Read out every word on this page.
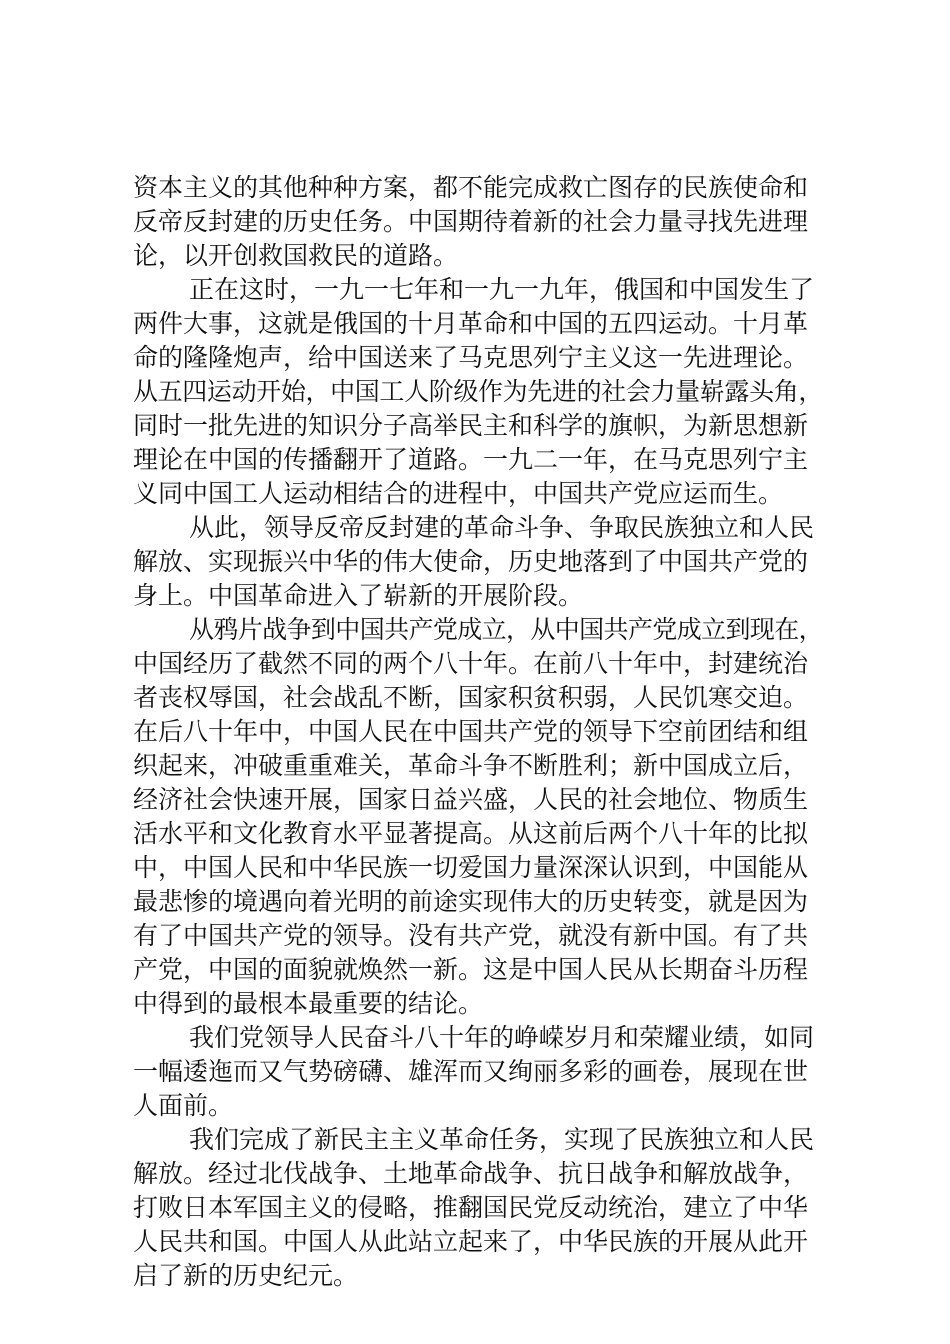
资本主义的其他种种方案，都不能完成救亡图存的民族使命和
反帝反封建的历史任务。中国期待着新的社会力量寻找先进理
论，以开创救国救民的道路。
正在这时，一九一七年和一九一九年，俄国和中国发生了
两件大事，这就是俄国的十月革命和中国的五四运动。十月革
命的隆隆炮声，给中国送来了马克思列宁主义这一先进理论。
从五四运动开始，中国工人阶级作为先进的社会力量崭露头角，
同时一批先进的知识分子高举民主和科学的旗帜，为新思想新
理论在中国的传播翻开了道路。一九二一年，在马克思列宁主
义同中国工人运动相结合的进程中，中国共产党应运而生。
从此，领导反帝反封建的革命斗争、争取民族独立和人民
解放、实现振兴中华的伟大使命，历史地落到了中国共产党的
身上。中国革命进入了崭新的开展阶段。
从鸦片战争到中国共产党成立，从中国共产党成立到现在，
中国经历了截然不同的两个八十年。在前八十年中，封建统治
者丧权辱国，社会战乱不断，国家积贫积弱，人民饥寒交迫。
在后八十年中，中国人民在中国共产党的领导下空前团结和组
织起来，冲破重重难关，革命斗争不断胜利；新中国成立后，
经济社会快速开展，国家日益兴盛，人民的社会地位、物质生
活水平和文化教育水平显著提高。从这前后两个八十年的比拟
中，中国人民和中华民族一切爱国力量深深认识到，中国能从
最悲惨的境遇向着光明的前途实现伟大的历史转变，就是因为
有了中国共产党的领导。没有共产党，就没有新中国。有了共
产党，中国的面貌就焕然一新。这是中国人民从长期奋斗历程
中得到的最根本最重要的结论。
我们党领导人民奋斗八十年的峥嵘岁月和荣耀业绩，如同
一幅逶迤而又气势磅礴、雄浑而又绚丽多彩的画卷，展现在世
人面前。
我们完成了新民主主义革命任务，实现了民族独立和人民
解放。经过北伐战争、土地革命战争、抗日战争和解放战争，
打败日本军国主义的侵略，推翻国民党反动统治，建立了中华
人民共和国。中国人从此站立起来了，中华民族的开展从此开
启了新的历史纪元。
